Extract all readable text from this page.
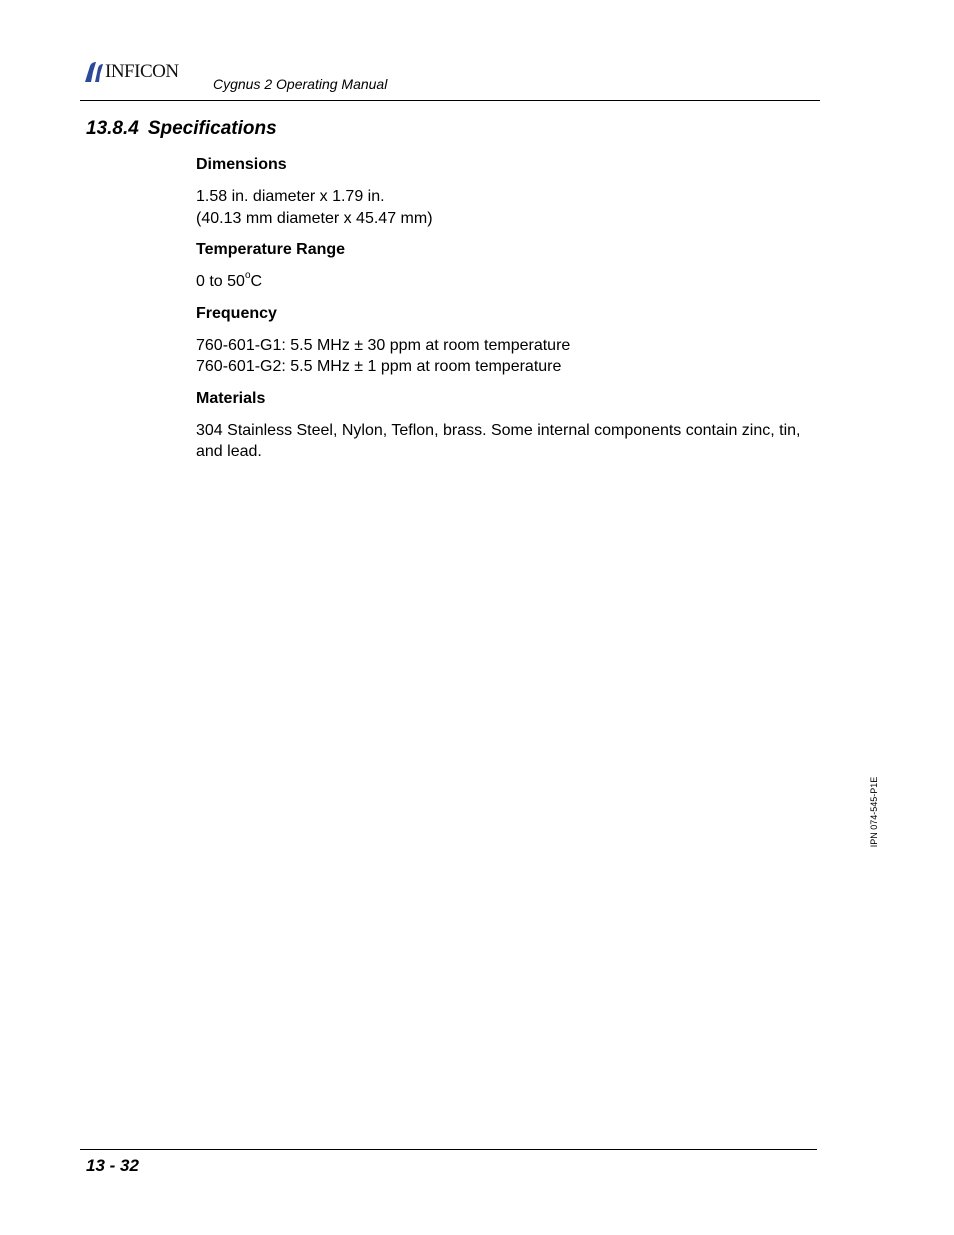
INFICON
Cygnus 2 Operating Manual
13.8.4 Specifications

Dimensions

1.58 in. diameter x 1.79 in.
(40.13 mm diameter x 45.47 mm)

Temperature Range

0 to 50$^o$C

Frequency

760-601-G1: 5.5 MHz ± 30 ppm at room temperature
760-601-G2: 5.5 MHz ± 1 ppm at room temperature

Materials

304 Stainless Steel, Nylon, Teflon, brass. Some internal components contain zinc, tin, and lead.

IPN 074-545-P1E
13 - 32
